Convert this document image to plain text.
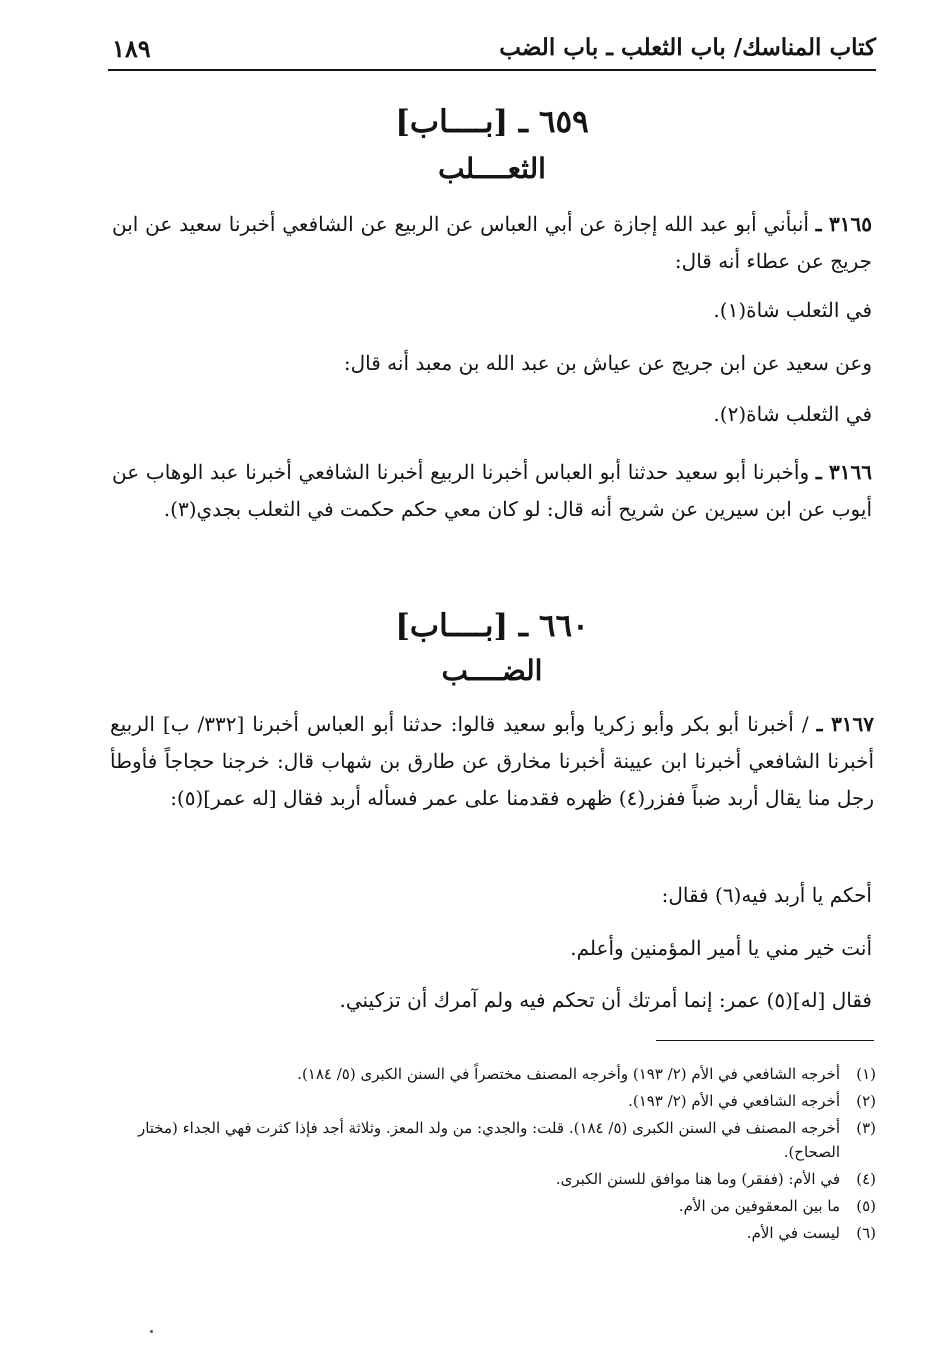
كتاب المناسك/ باب الثعلب ـ باب الضب
١٨٩
٦٥٩ ـ [بــــاب]
الثعــــلب
٣١٦٥ ـ أنبأني أبو عبد الله إجازة عن أبي العباس عن الربيع عن الشافعي أخبرنا سعيد عن ابن جريج عن عطاء أنه قال:
في الثعلب شاة(١).
وعن سعيد عن ابن جريج عن عياش بن عبد الله بن معبد أنه قال:
في الثعلب شاة(٢).
٣١٦٦ ـ وأخبرنا أبو سعيد حدثنا أبو العباس أخبرنا الربيع أخبرنا الشافعي أخبرنا عبد الوهاب عن أيوب عن ابن سيرين عن شريح أنه قال: لو كان معي حكم حكمت في الثعلب بجدي(٣).
٦٦٠ ـ [بــــاب]
الضــــب
٣١٦٧ ـ / أخبرنا أبو بكر وأبو زكريا وأبو سعيد قالوا: حدثنا أبو العباس أخبرنا [٣٣٢/ ب] الربيع أخبرنا الشافعي أخبرنا ابن عيينة أخبرنا مخارق عن طارق بن شهاب قال: خرجنا حجاجاً فأوطأ رجل منا يقال أربد ضباً ففزر(٤) ظهره فقدمنا على عمر فسأله أربد فقال [له عمر](٥):
أحكم يا أربد فيه(٦) فقال:
أنت خير مني يا أمير المؤمنين وأعلم.
فقال [له](٥) عمر: إنما أمرتك أن تحكم فيه ولم آمرك أن تزكيني.
(١)
أخرجه الشافعي في الأم (٢/ ١٩٣) وأخرجه المصنف مختصراً في السنن الكبرى (٥/ ١٨٤).
(٢)
أخرجه الشافعي في الأم (٢/ ١٩٣).
(٣)
أخرجه المصنف في السنن الكبرى (٥/ ١٨٤). قلت: والجدي: من ولد المعز. وثلاثة أجد فإذا كثرت فهي الجداء (مختار الصحاح).
(٤)
في الأم: (ففقر) وما هنا موافق للسنن الكبرى.
(٥)
ما بين المعقوفين من الأم.
(٦)
ليست في الأم.
